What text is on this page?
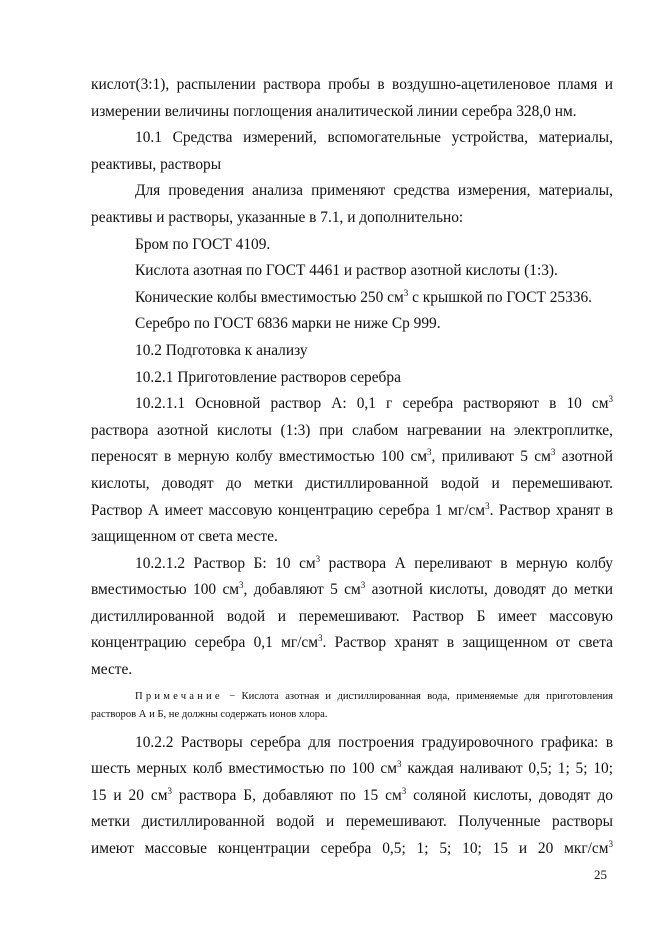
кислот(3:1), распылении раствора пробы в воздушно-ацетиленовое пламя и
измерении величины поглощения аналитической линии серебра 328,0 нм.

10.1 Средства измерений, вспомогательные устройства, материалы,
реактивы, растворы

Для проведения анализа применяют средства измерения, материалы,
реактивы и растворы, указанные в 7.1, и дополнительно:

Бром по ГОСТ 4109.

Кислота азотная по ГОСТ 4461 и раствор азотной кислоты (1:3).

Конические колбы вместимостью 250 $см^3$ с крышкой по ГОСТ 25336.

Серебро по ГОСТ 6836 марки не ниже Ср 999.

10.2 Подготовка к анализу

10.2.1 Приготовление растворов серебра

10.2.1.1 Основной раствор А: 0,1 г серебра растворяют в 10 $см^3$
раствора азотной кислоты (1:3) при слабом нагревании на электроплитке,
переносят в мерную колбу вместимостью 100 $см^3$, приливают 5 $см^3$ азотной
кислоты, доводят до метки дистиллированной водой и перемешивают.
Раствор А имеет массовую концентрацию серебра 1 $мг/см^3$. Раствор хранят в
защищенном от света месте.

10.2.1.2 Раствор Б: 10 $см^3$ раствора А переливают в мерную колбу
вместимостью 100 $см^3$, добавляют 5 $см^3$ азотной кислоты, доводят до метки
дистиллированной водой и перемешивают. Раствор Б имеет массовую
концентрацию серебра 0,1 $мг/см^3$. Раствор хранят в защищенном от света
месте.

Примечание − Кислота азотная и дистиллированная вода, применяемые для приготовления
растворов А и Б, не должны содержать ионов хлора.

10.2.2 Растворы серебра для построения градуировочного графика: в
шесть мерных колб вместимостью по 100 $см^3$ каждая наливают 0,5; 1; 5; 10;
15 и 20 $см^3$ раствора Б, добавляют по 15 $см^3$ соляной кислоты, доводят до
метки дистиллированной водой и перемешивают. Полученные растворы
имеют массовые концентрации серебра 0,5; 1; 5; 10; 15 и 20 мкг/$см^3$

25
